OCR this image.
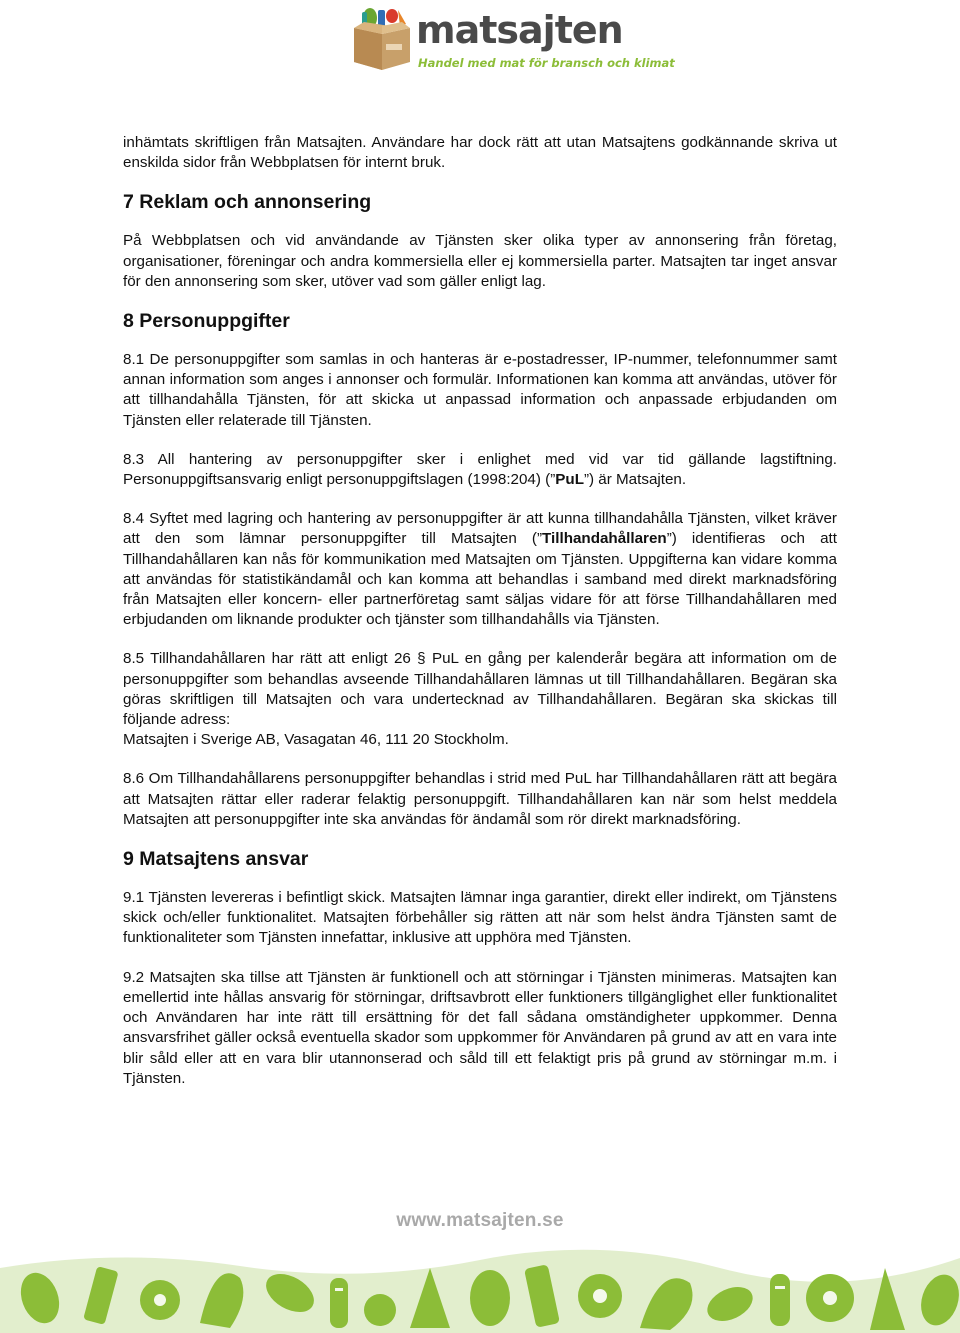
matsajten
Handel med mat för bransch och klimat

inhämtats skriftligen från Matsajten. Användare har dock rätt att utan Matsajtens godkännande skriva ut enskilda sidor från Webbplatsen för internt bruk.

7 Reklam och annonsering

På Webbplatsen och vid användande av Tjänsten sker olika typer av annonsering från företag, organisationer, föreningar och andra kommersiella eller ej kommersiella parter. Matsajten tar inget ansvar för den annonsering som sker, utöver vad som gäller enligt lag.

8 Personuppgifter

8.1 De personuppgifter som samlas in och hanteras är e-postadresser, IP-nummer, telefonnummer samt annan information som anges i annonser och formulär. Informationen kan komma att användas, utöver för att tillhandahålla Tjänsten, för att skicka ut anpassad information och anpassade erbjudanden om Tjänsten eller relaterade till Tjänsten.

8.3 All hantering av personuppgifter sker i enlighet med vid var tid gällande lagstiftning. Personuppgiftsansvarig enligt personuppgiftslagen (1998:204) (”PuL”) är Matsajten.

8.4 Syftet med lagring och hantering av personuppgifter är att kunna tillhandahålla Tjänsten, vilket kräver att den som lämnar personuppgifter till Matsajten (”Tillhandahållaren”) identifieras och att Tillhandahållaren kan nås för kommunikation med Matsajten om Tjänsten. Uppgifterna kan vidare komma att användas för statistikändamål och kan komma att behandlas i samband med direkt marknadsföring från Matsajten eller koncern- eller partnerföretag samt säljas vidare för att förse Tillhandahållaren med erbjudanden om liknande produkter och tjänster som tillhandahålls via Tjänsten.

8.5 Tillhandahållaren har rätt att enligt 26 § PuL en gång per kalenderår begära att information om de personuppgifter som behandlas avseende Tillhandahållaren lämnas ut till Tillhandahållaren. Begäran ska göras skriftligen till Matsajten och vara undertecknad av Tillhandahållaren. Begäran ska skickas till följande adress:

Matsajten i Sverige AB, Vasagatan 46, 111 20 Stockholm.

8.6 Om Tillhandahållarens personuppgifter behandlas i strid med PuL har Tillhandahållaren rätt att begära att Matsajten rättar eller raderar felaktig personuppgift. Tillhandahållaren kan när som helst meddela Matsajten att personuppgifter inte ska användas för ändamål som rör direkt marknadsföring.

9 Matsajtens ansvar

9.1 Tjänsten levereras i befintligt skick. Matsajten lämnar inga garantier, direkt eller indirekt, om Tjänstens skick och/eller funktionalitet. Matsajten förbehåller sig rätten att när som helst ändra Tjänsten samt de funktionaliteter som Tjänsten innefattar, inklusive att upphöra med Tjänsten.

9.2 Matsajten ska tillse att Tjänsten är funktionell och att störningar i Tjänsten minimeras. Matsajten kan emellertid inte hållas ansvarig för störningar, driftsavbrott eller funktioners tillgänglighet eller funktionalitet och Användaren har inte rätt till ersättning för det fall sådana omständigheter uppkommer. Denna ansvarsfrihet gäller också eventuella skador som uppkommer för Användaren på grund av att en vara inte blir såld eller att en vara blir utannonserad och såld till ett felaktigt pris på grund av störningar m.m. i Tjänsten.

www.matsajten.se
